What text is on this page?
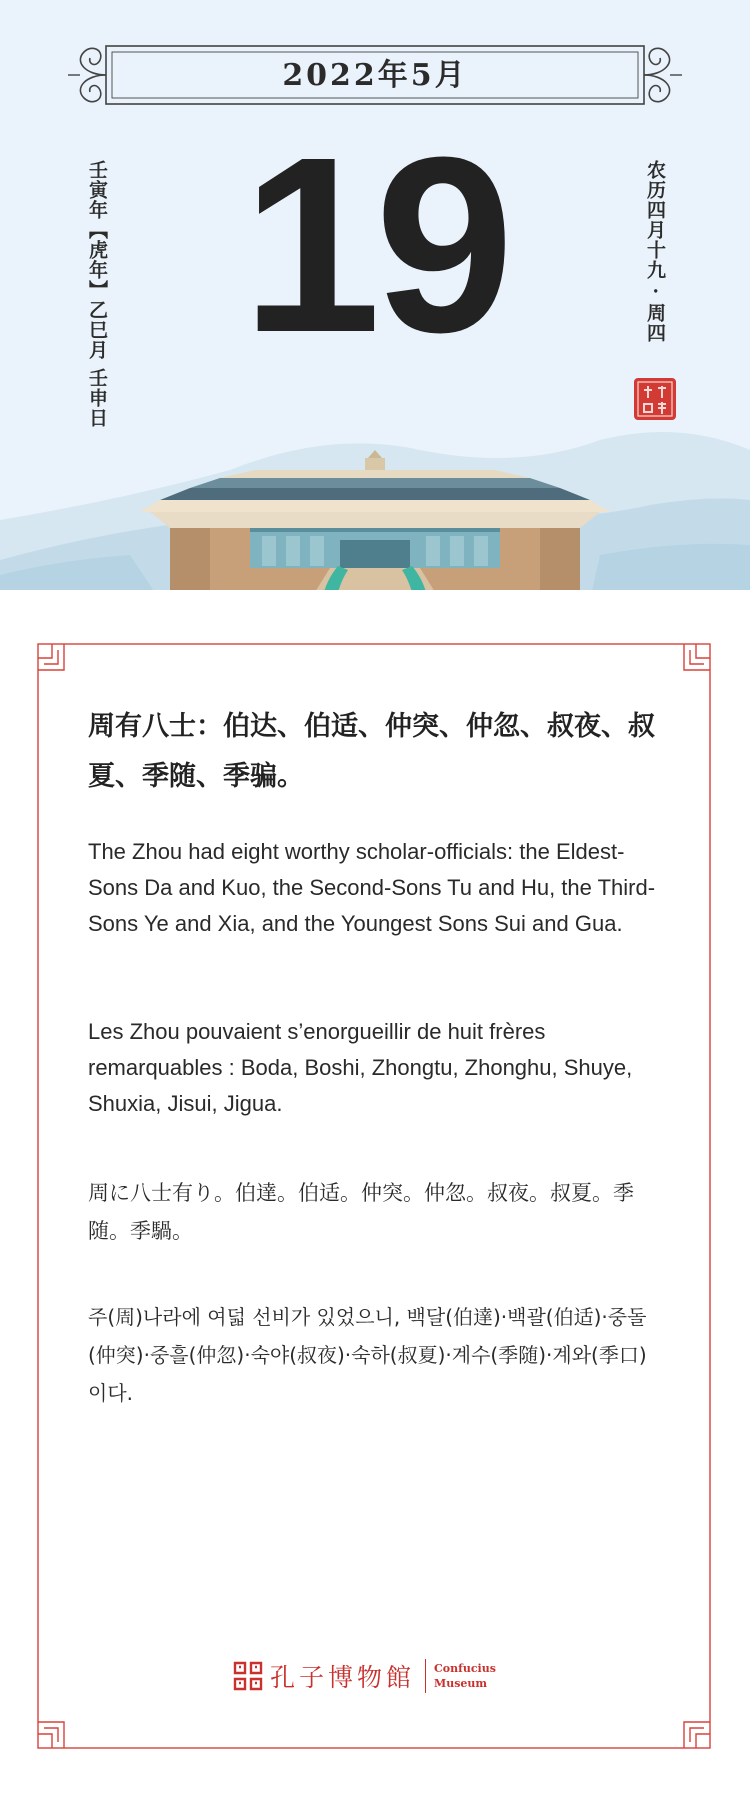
2022年5月
19
壬寅年【虎年】乙巳月 壬申日	农历四月十九 · 周四
周有八士：伯达、伯适、仲突、仲忽、叔夜、叔夏、季随、季骗。
The Zhou had eight worthy scholar-officials: the Eldest-Sons Da and Kuo, the Second-Sons Tu and Hu, the Third-Sons Ye and Xia, and the Youngest Sons Sui and Gua.
Les Zhou pouvaient s’enorgueillir de huit frères remarquables : Boda, Boshi, Zhongtu, Zhonghu, Shuye, Shuxia, Jisui, Jigua.
周に八士有り。伯達。伯适。仲突。仲忽。叔夜。叔夏。季随。季騧。
주(周)나라에 여덟 선비가 있었으니, 백달(伯達)·백괄(伯适)·중돌(仲突)·중흘(仲忽)·숙야(叔夜)·숙하(叔夏)·계수(季随)·계와(季口)이다.
孔子博物館 Confucius
Museum
